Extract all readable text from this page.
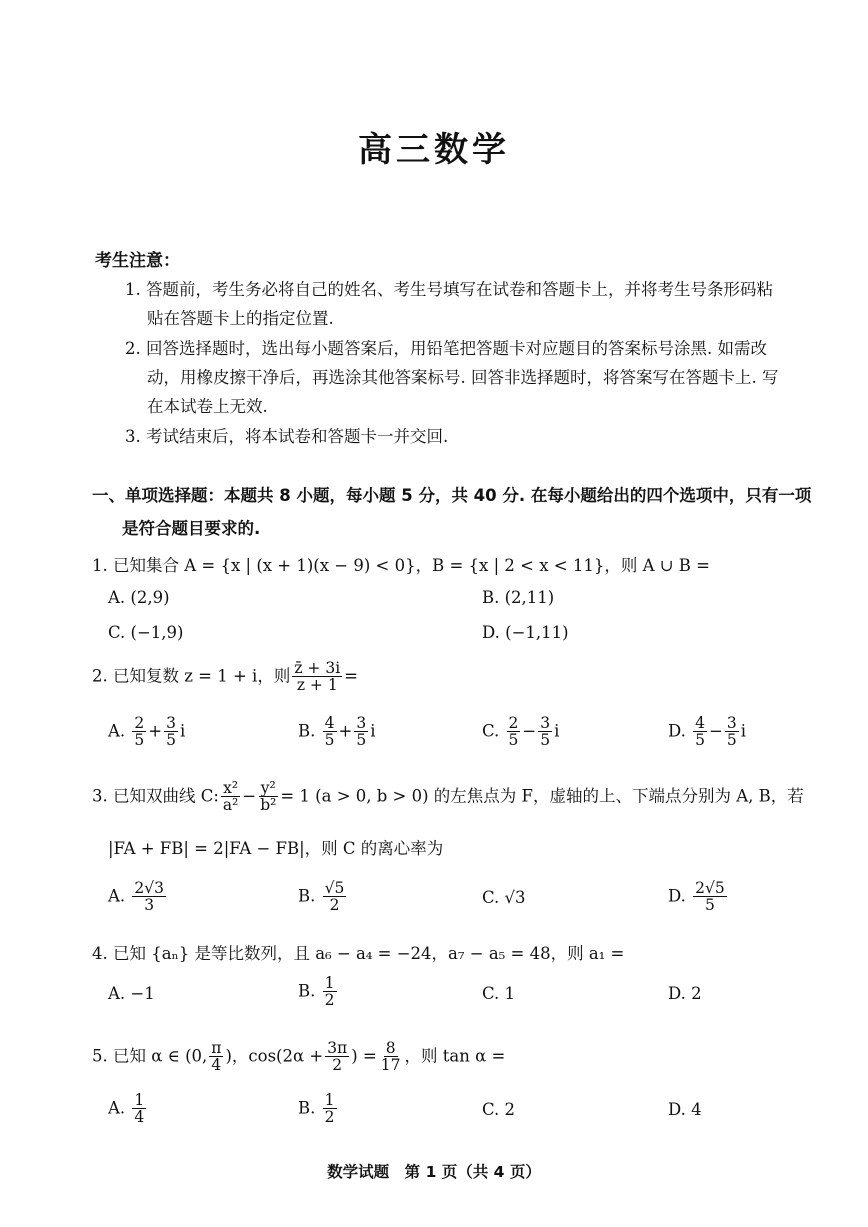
高三数学
考生注意：
1. 答题前，考生务必将自己的姓名、考生号填写在试卷和答题卡上，并将考生号条形码粘
贴在答题卡上的指定位置.
2. 回答选择题时，选出每小题答案后，用铅笔把答题卡对应题目的答案标号涂黑. 如需改
动，用橡皮擦干净后，再选涂其他答案标号. 回答非选择题时，将答案写在答题卡上. 写
在本试卷上无效.
3. 考试结束后，将本试卷和答题卡一并交回.
一、单项选择题：本题共 8 小题，每小题 5 分，共 40 分. 在每小题给出的四个选项中，只有一项
是符合题目要求的.
1. 已知集合 A = {x | (x + 1)(x − 9) < 0}，B = {x | 2 < x < 11}，则 A ∪ B =
A. (2,9)	B. (2,11)
C. (−1,9)	D. (−1,11)
2. 已知复数 z = 1 + i，则 $\frac{z̄ + 3i}{z + 1}$ =
A. $\frac{2}{5} + \frac{3}{5}$ i	B. $\frac{4}{5} + \frac{3}{5}$ i	C. $\frac{2}{5} - \frac{3}{5}$ i	D. $\frac{4}{5} - \frac{3}{5}$ i
3. 已知双曲线 C: $\frac{\text{x²}}{\text{a²}} - \frac{\text{y²}}{\text{b²}} = 1$ (a > 0, b > 0) 的左焦点为 F，虚轴的上、下端点分别为 A, B，若
|FA + FB| = 2|FA − FB|，则 C 的离心率为
A. $\frac{2√3}{3}$	B. $\frac{√5}{2}$	C. √3	D. $\frac{2√5}{5}$
4. 已知 {aₙ} 是等比数列，且 a₆ − a₄ = −24，a₇ − a₅ = 48，则 a₁ =
A. −1	B. $\frac{1}{2}$	C. 1	D. 2
5. 已知 α ∈ (0, $\frac{\pi}{4}$ )，$\cos(2\alpha + \frac{3\pi}{2}$ ) = $\frac{8}{17}$ ，则 tan α =
A. $\frac{1}{4}$	B. $\frac{1}{2}$	C. 2	D. 4
数学试题　第 1 页（共 4 页）
